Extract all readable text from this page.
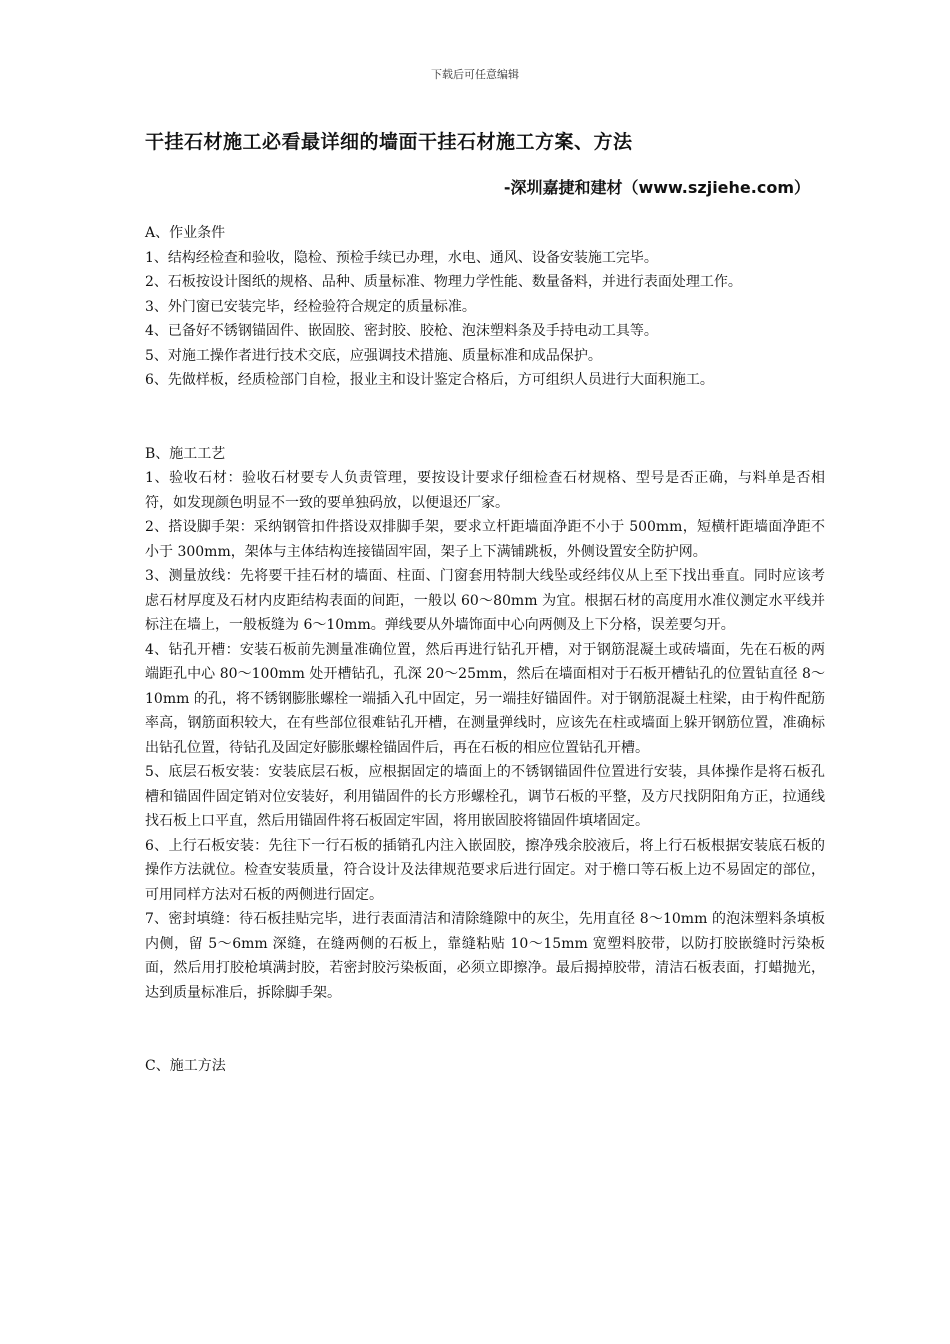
下载后可任意编辑
干挂石材施工必看最详细的墙面干挂石材施工方案、方法
-深圳嘉捷和建材（www.szjiehe.com）

A、作业条件

1、结构经检查和验收，隐检、预检手续已办理，水电、通风、设备安装施工完毕。

2、石板按设计图纸的规格、品种、质量标准、物理力学性能、数量备料，并进行表面处理工作。

3、外门窗已安装完毕，经检验符合规定的质量标准。

4、已备好不锈钢锚固件、嵌固胶、密封胶、胶枪、泡沫塑料条及手持电动工具等。

5、对施工操作者进行技术交底，应强调技术措施、质量标准和成品保护。

6、先做样板，经质检部门自检，报业主和设计鉴定合格后，方可组织人员进行大面积施工。

B、施工工艺

1、验收石材：验收石材要专人负责管理，要按设计要求仔细检查石材规格、型号是否正确，与料单是否相符，如发现颜色明显不一致的要单独码放，以便退还厂家。

2、搭设脚手架：采纳钢管扣件搭设双排脚手架，要求立杆距墙面净距不小于 500mm，短横杆距墙面净距不小于 300mm，架体与主体结构连接锚固牢固，架子上下满铺跳板，外侧设置安全防护网。

3、测量放线：先将要干挂石材的墙面、柱面、门窗套用特制大线坠或经纬仪从上至下找出垂直。同时应该考虑石材厚度及石材内皮距结构表面的间距，一般以 60～80mm 为宜。根据石材的高度用水准仪测定水平线并标注在墙上，一般板缝为 6～10mm。弹线要从外墙饰面中心向两侧及上下分格，误差要匀开。

4、钻孔开槽：安装石板前先测量准确位置，然后再进行钻孔开槽，对于钢筋混凝土或砖墙面，先在石板的两端距孔中心 80～100mm 处开槽钻孔，孔深 20～25mm，然后在墙面相对于石板开槽钻孔的位置钻直径 8～10mm 的孔，将不锈钢膨胀螺栓一端插入孔中固定，另一端挂好锚固件。对于钢筋混凝土柱梁，由于构件配筋率高，钢筋面积较大，在有些部位很难钻孔开槽，在测量弹线时，应该先在柱或墙面上躲开钢筋位置，准确标出钻孔位置，待钻孔及固定好膨胀螺栓锚固件后，再在石板的相应位置钻孔开槽。

5、底层石板安装：安装底层石板，应根据固定的墙面上的不锈钢锚固件位置进行安装，具体操作是将石板孔槽和锚固件固定销对位安装好，利用锚固件的长方形螺栓孔，调节石板的平整，及方尺找阴阳角方正，拉通线找石板上口平直，然后用锚固件将石板固定牢固，将用嵌固胶将锚固件填堵固定。

6、上行石板安装：先往下一行石板的插销孔内注入嵌固胶，擦净残余胶液后，将上行石板根据安装底石板的操作方法就位。检查安装质量，符合设计及法律规范要求后进行固定。对于檐口等石板上边不易固定的部位，可用同样方法对石板的两侧进行固定。

7、密封填缝：待石板挂贴完毕，进行表面清洁和清除缝隙中的灰尘，先用直径 8～10mm 的泡沫塑料条填板内侧，留 5～6mm 深缝，在缝两侧的石板上，靠缝粘贴 10～15mm 宽塑料胶带，以防打胶嵌缝时污染板面，然后用打胶枪填满封胶，若密封胶污染板面，必须立即擦净。最后揭掉胶带，清洁石板表面，打蜡抛光，达到质量标准后，拆除脚手架。

C、施工方法
